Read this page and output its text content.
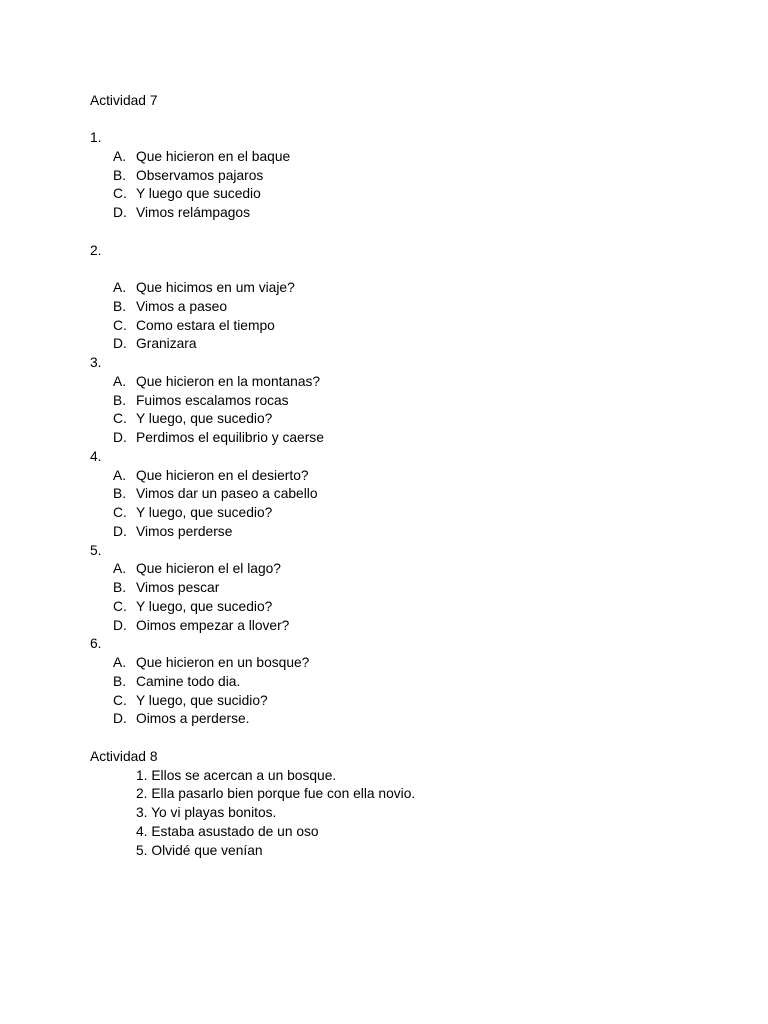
Actividad 7
1.
A. Que hicieron en el baque
B. Observamos pajaros
C. Y luego que sucedio
D. Vimos relámpagos
2.
A. Que hicimos en um viaje?
B. Vimos a paseo
C. Como estara el tiempo
D. Granizara
3.
A. Que hicieron en la montanas?
B. Fuimos escalamos rocas
C. Y luego, que sucedio?
D. Perdimos el equilibrio y caerse
4.
A. Que hicieron en el desierto?
B. Vimos dar un paseo a cabello
C. Y luego, que sucedio?
D. Vimos perderse
5.
A. Que hicieron el el lago?
B. Vimos pescar
C. Y luego, que sucedio?
D. Oimos empezar a llover?
6.
A. Que hicieron en un bosque?
B. Camine todo dia.
C. Y luego, que sucidio?
D. Oimos a perderse.
Actividad 8
1. Ellos se acercan a un bosque.
2. Ella pasarlo bien porque fue con ella novio.
3. Yo vi playas bonitos.
4. Estaba asustado de un oso
5. Olvidé que venían
